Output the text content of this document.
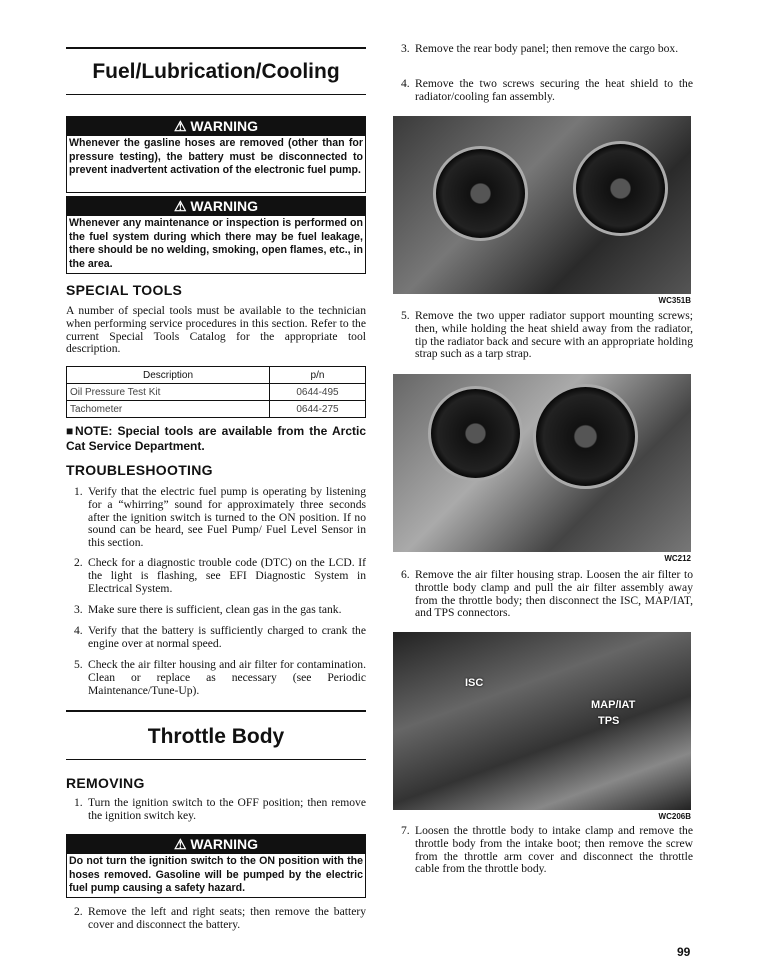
Fuel/Lubrication/Cooling
⚠ WARNING
Whenever the gasline hoses are removed (other than for pressure testing), the battery must be disconnected to prevent inadvertent activation of the electronic fuel pump.
⚠ WARNING
Whenever any maintenance or inspection is performed on the fuel system during which there may be fuel leakage, there should be no welding, smoking, open flames, etc., in the area.
SPECIAL TOOLS
A number of special tools must be available to the technician when performing service procedures in this section. Refer to the current Special Tools Catalog for the appropriate tool description.
Description	p/n
Oil Pressure Test Kit	0644-495
Tachometer	0644-275
■NOTE: Special tools are available from the Arctic Cat Service Department.
TROUBLESHOOTING
1. Verify that the electric fuel pump is operating by listening for a “whirring” sound for approximately three seconds after the ignition switch is turned to the ON position. If no sound can be heard, see Fuel Pump/ Fuel Level Sensor in this section.
2. Check for a diagnostic trouble code (DTC) on the LCD. If the light is flashing, see EFI Diagnostic System in Electrical System.
3. Make sure there is sufficient, clean gas in the gas tank.
4. Verify that the battery is sufficiently charged to crank the engine over at normal speed.
5. Check the air filter housing and air filter for contamination. Clean or replace as necessary (see Periodic Maintenance/Tune-Up).
Throttle Body
REMOVING
1. Turn the ignition switch to the OFF position; then remove the ignition switch key.
⚠ WARNING
Do not turn the ignition switch to the ON position with the hoses removed. Gasoline will be pumped by the electric fuel pump causing a safety hazard.
2. Remove the left and right seats; then remove the battery cover and disconnect the battery.
3. Remove the rear body panel; then remove the cargo box.
4. Remove the two screws securing the heat shield to the radiator/cooling fan assembly.
WC351B
5. Remove the two upper radiator support mounting screws; then, while holding the heat shield away from the radiator, tip the radiator back and secure with an appropriate holding strap such as a tarp strap.
WC212
6. Remove the air filter housing strap. Loosen the air filter to throttle body clamp and pull the air filter assembly away from the throttle body; then disconnect the ISC, MAP/IAT, and TPS connectors.
ISC
MAP/IAT
TPS
WC206B
7. Loosen the throttle body to intake clamp and remove the throttle body from the intake boot; then remove the screw from the throttle arm cover and disconnect the throttle cable from the throttle body.
99
